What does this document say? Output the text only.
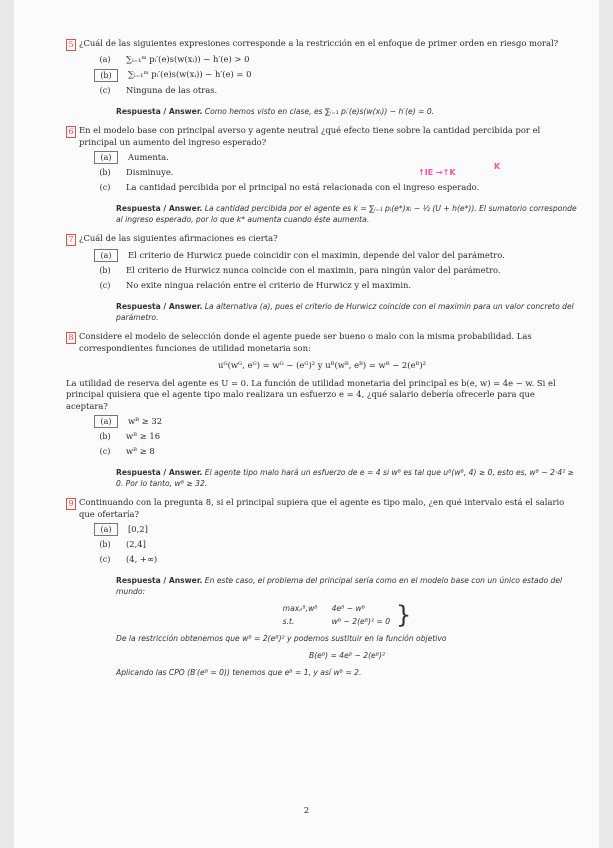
5 ¿Cuál de las siguientes expresiones corresponde a la restricción en el enfoque de primer orden en riesgo moral?
(a)	∑ᵢ₌₁ᵐ pᵢ′(e)s(w(xᵢ)) − h′(e) > 0
(b)	∑ᵢ₌₁ᵐ pᵢ′(e)s(w(xᵢ)) − h′(e) = 0
(c)	Ninguna de las otras.
Respuesta / Answer. Como hemos visto en clase, es ∑ᵢ₌₁ pᵢ′(e)s(w(xᵢ)) − h′(e) = 0.
6 En el modelo base con principal averso y agente neutral ¿qué efecto tiene sobre la cantidad percibida por el principal un aumento del ingreso esperado?
(a)	Aumenta.
(b)	Disminuye.
(c)	La cantidad percibida por el principal no está relacionada con el ingreso esperado.
Respuesta / Answer. La cantidad percibida por el agente es k = ∑ᵢ₌₁ pᵢ(e*)xᵢ − ½ (U + h(e*)). El sumatorio corresponde al ingreso esperado, por lo que k* aumenta cuando éste aumenta.
↑IE →↑K
K
7 ¿Cuál de las siguientes afirmaciones es cierta?
(a)	El criterio de Hurwicz puede coincidir con el maximin, depende del valor del parámetro.
(b)	El criterio de Hurwicz nunca coincide con el maximin, para ningún valor del parámetro.
(c)	No exite ningua relación entre el criterio de Hurwicz y el maximin.
Respuesta / Answer. La alternativa (a), pues el criterio de Hurwicz coincide con el maximin para un valor concreto del parámetro.
8 Considere el modelo de selección donde el agente puede ser bueno o malo con la misma probabilidad. Las correspondientes funciones de utilidad monetaria son:
uᴳ(wᴳ, eᴳ) = wᴳ − (eᴳ)² y uᴮ(wᴮ, eᴮ) = wᴮ − 2(eᴮ)²
La utilidad de reserva del agente es U = 0. La función de utilidad monetaria del principal es b(e, w) = 4e − w. Si el principal quisiera que el agente tipo malo realizara un esfuerzo e = 4, ¿qué salario debería ofrecerle para que aceptara?
(a)	wᴮ ≥ 32
(b)	wᴮ ≥ 16
(c)	wᴮ ≥ 8
Respuesta / Answer. El agente tipo malo hará un esfuerzo de e = 4 si wᴮ es tal que uᴮ(wᴮ, 4) ≥ 0, esto es, wᴮ − 2·4² ≥ 0. Por lo tanto, wᴮ ≥ 32.
9 Continuando con la pregunta 8, si el principal supiera que el agente es tipo malo, ¿en qué intervalo está el salario que ofertaría?
(a)	[0,2]
(b)	(2,4]
(c)	(4, +∞)
Respuesta / Answer. En este caso, el problema del principal sería como en el modelo base con un único estado del mundo:
maxₑᴮ,wᴮ 4eᴮ − wᴮ
s.t.	wᴮ − 2(eᴮ)² = 0 }
De la restricción obtenemos que wᴮ = 2(eᴮ)² y podemos sustituir en la función objetivo
B(eᴮ) = 4eᴮ − 2(eᴮ)²
Aplicando las CPO (B′(eᴮ = 0)) tenemos que eᴮ = 1, y así wᴮ = 2.
2
